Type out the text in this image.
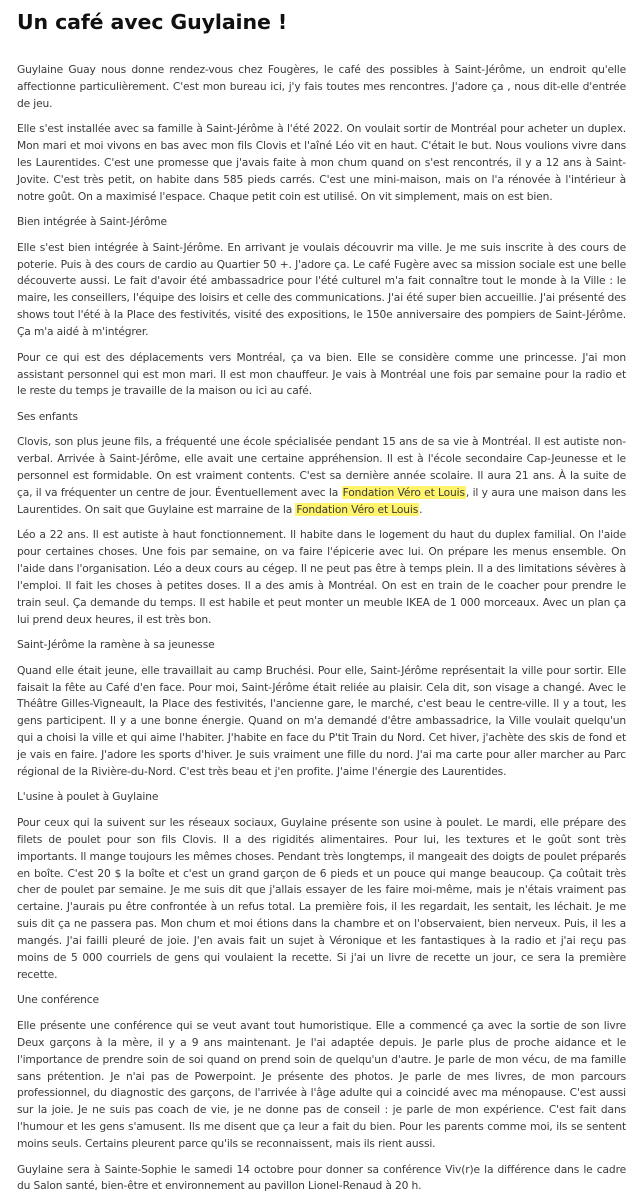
Un café avec Guylaine !

Guylaine Guay nous donne rendez-vous chez Fougères, le café des possibles à Saint-Jérôme, un endroit qu'elle affectionne particulièrement. C'est mon bureau ici, j'y fais toutes mes rencontres. J'adore ça , nous dit-elle d'entrée de jeu.

Elle s'est installée avec sa famille à Saint-Jérôme à l'été 2022. On voulait sortir de Montréal pour acheter un duplex. Mon mari et moi vivons en bas avec mon fils Clovis et l'aîné Léo vit en haut. C'était le but. Nous voulions vivre dans les Laurentides. C'est une promesse que j'avais faite à mon chum quand on s'est rencontrés, il y a 12 ans à Saint-Jovite. C'est très petit, on habite dans 585 pieds carrés. C'est une mini-maison, mais on l'a rénovée à l'intérieur à notre goût. On a maximisé l'espace. Chaque petit coin est utilisé. On vit simplement, mais on est bien.

Bien intégrée à Saint-Jérôme

Elle s'est bien intégrée à Saint-Jérôme. En arrivant je voulais découvrir ma ville. Je me suis inscrite à des cours de poterie. Puis à des cours de cardio au Quartier 50 +. J'adore ça. Le café Fugère avec sa mission sociale est une belle découverte aussi. Le fait d'avoir été ambassadrice pour l'été culturel m'a fait connaître tout le monde à la Ville : le maire, les conseillers, l'équipe des loisirs et celle des communications. J'ai été super bien accueillie. J'ai présenté des shows tout l'été à la Place des festivités, visité des expositions, le 150e anniversaire des pompiers de Saint-Jérôme. Ça m'a aidé à m'intégrer.

Pour ce qui est des déplacements vers Montréal, ça va bien. Elle se considère comme une princesse. J'ai mon assistant personnel qui est mon mari. Il est mon chauffeur. Je vais à Montréal une fois par semaine pour la radio et le reste du temps je travaille de la maison ou ici au café.

Ses enfants

Clovis, son plus jeune fils, a fréquenté une école spécialisée pendant 15 ans de sa vie à Montréal. Il est autiste non-verbal. Arrivée à Saint-Jérôme, elle avait une certaine appréhension. Il est à l'école secondaire Cap-Jeunesse et le personnel est formidable. On est vraiment contents. C'est sa dernière année scolaire. Il aura 21 ans. À la suite de ça, il va fréquenter un centre de jour. Éventuellement avec la Fondation Véro et Louis, il y aura une maison dans les Laurentides. On sait que Guylaine est marraine de la Fondation Véro et Louis.

Léo a 22 ans. Il est autiste à haut fonctionnement. Il habite dans le logement du haut du duplex familial. On l'aide pour certaines choses. Une fois par semaine, on va faire l'épicerie avec lui. On prépare les menus ensemble. On l'aide dans l'organisation. Léo a deux cours au cégep. Il ne peut pas être à temps plein. Il a des limitations sévères à l'emploi. Il fait les choses à petites doses. Il a des amis à Montréal. On est en train de le coacher pour prendre le train seul. Ça demande du temps. Il est habile et peut monter un meuble IKEA de 1 000 morceaux. Avec un plan ça lui prend deux heures, il est très bon.

Saint-Jérôme la ramène à sa jeunesse

Quand elle était jeune, elle travaillait au camp Bruchési. Pour elle, Saint-Jérôme représentait la ville pour sortir. Elle faisait la fête au Café d'en face. Pour moi, Saint-Jérôme était reliée au plaisir. Cela dit, son visage a changé. Avec le Théâtre Gilles-Vigneault, la Place des festivités, l'ancienne gare, le marché, c'est beau le centre-ville. Il y a tout, les gens participent. Il y a une bonne énergie. Quand on m'a demandé d'être ambassadrice, la Ville voulait quelqu'un qui a choisi la ville et qui aime l'habiter. J'habite en face du P'tit Train du Nord. Cet hiver, j'achète des skis de fond et je vais en faire. J'adore les sports d'hiver. Je suis vraiment une fille du nord. J'ai ma carte pour aller marcher au Parc régional de la Rivière-du-Nord. C'est très beau et j'en profite. J'aime l'énergie des Laurentides.

L'usine à poulet à Guylaine

Pour ceux qui la suivent sur les réseaux sociaux, Guylaine présente son usine à poulet. Le mardi, elle prépare des filets de poulet pour son fils Clovis. Il a des rigidités alimentaires. Pour lui, les textures et le goût sont très importants. Il mange toujours les mêmes choses. Pendant très longtemps, il mangeait des doigts de poulet préparés en boîte. C'est 20 $ la boîte et c'est un grand garçon de 6 pieds et un pouce qui mange beaucoup. Ça coûtait très cher de poulet par semaine. Je me suis dit que j'allais essayer de les faire moi-même, mais je n'étais vraiment pas certaine. J'aurais pu être confrontée à un refus total. La première fois, il les regardait, les sentait, les léchait. Je me suis dit ça ne passera pas. Mon chum et moi étions dans la chambre et on l'observaient, bien nerveux. Puis, il les a mangés. J'ai failli pleuré de joie. J'en avais fait un sujet à Véronique et les fantastiques à la radio et j'ai reçu pas moins de 5 000 courriels de gens qui voulaient la recette. Si j'ai un livre de recette un jour, ce sera la première recette.

Une conférence

Elle présente une conférence qui se veut avant tout humoristique. Elle a commencé ça avec la sortie de son livre Deux garçons à la mère, il y a 9 ans maintenant. Je l'ai adaptée depuis. Je parle plus de proche aidance et le l'importance de prendre soin de soi quand on prend soin de quelqu'un d'autre. Je parle de mon vécu, de ma famille sans prétention. Je n'ai pas de Powerpoint. Je présente des photos. Je parle de mes livres, de mon parcours professionnel, du diagnostic des garçons, de l'arrivée à l'âge adulte qui a coincidé avec ma ménopause. C'est aussi sur la joie. Je ne suis pas coach de vie, je ne donne pas de conseil : je parle de mon expérience. C'est fait dans l'humour et les gens s'amusent. Ils me disent que ça leur a fait du bien. Pour les parents comme moi, ils se sentent moins seuls. Certains pleurent parce qu'ils se reconnaissent, mais ils rient aussi.

Guylaine sera à Sainte-Sophie le samedi 14 octobre pour donner sa conférence Viv(r)e la différence dans le cadre du Salon santé, bien-être et environnement au pavillon Lionel-Renaud à 20 h.
